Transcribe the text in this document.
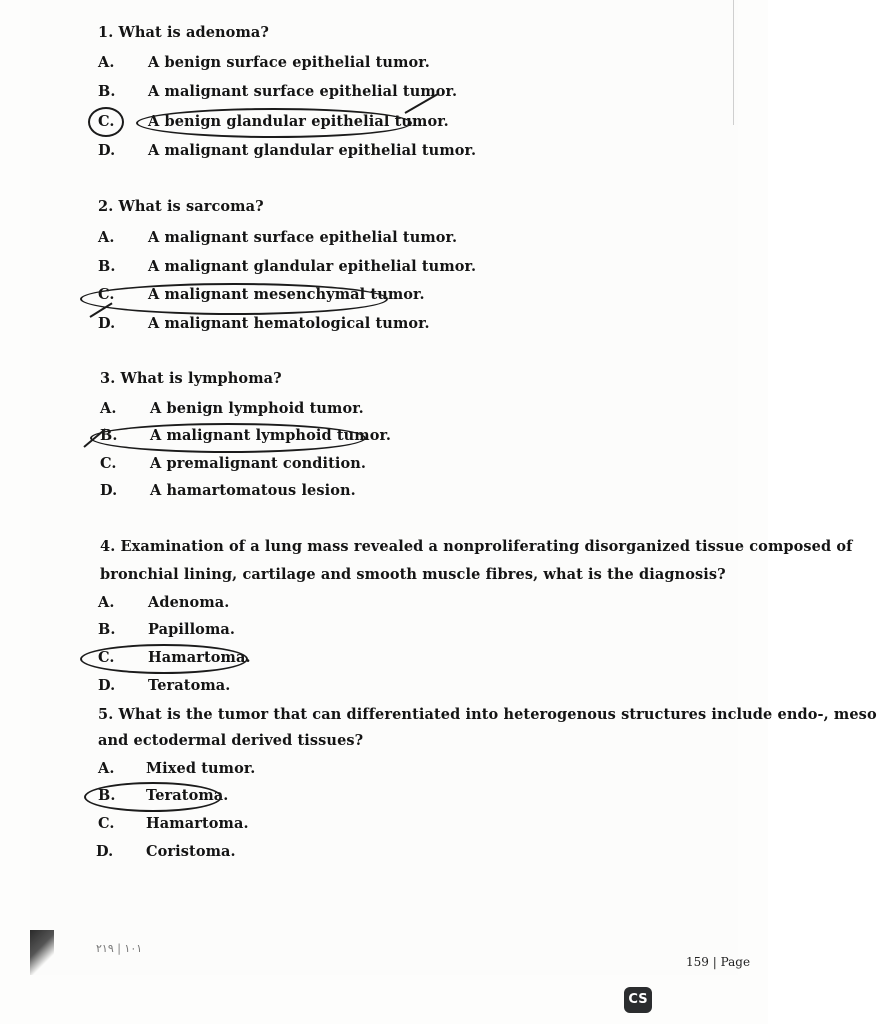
1. What is adenoma?
A. A benign surface epithelial tumor.
B. A malignant surface epithelial tumor.
C. A benign glandular epithelial tumor.
D. A malignant glandular epithelial tumor.
2. What is sarcoma?
A. A malignant surface epithelial tumor.
B. A malignant glandular epithelial tumor.
C. A malignant mesenchymal tumor.
D. A malignant hematological tumor.
3. What is lymphoma?
A. A benign lymphoid tumor.
B. A malignant lymphoid tumor.
C. A premalignant condition.
D. A hamartomatous lesion.
4. Examination of a lung mass revealed a nonproliferating disorganized tissue composed of
bronchial lining, cartilage and smooth muscle fibres, what is the diagnosis?
A. Adenoma.
B. Papilloma.
C. Hamartoma.
D. Teratoma.
5. What is the tumor that can differentiated into heterogenous structures include endo-, meso
and ectodermal derived tissues?
A. Mixed tumor.
B. Teratoma.
C. Hamartoma.
D. Coristoma.
۲۱۹ | ۱۰۱
159 | Page
CS
